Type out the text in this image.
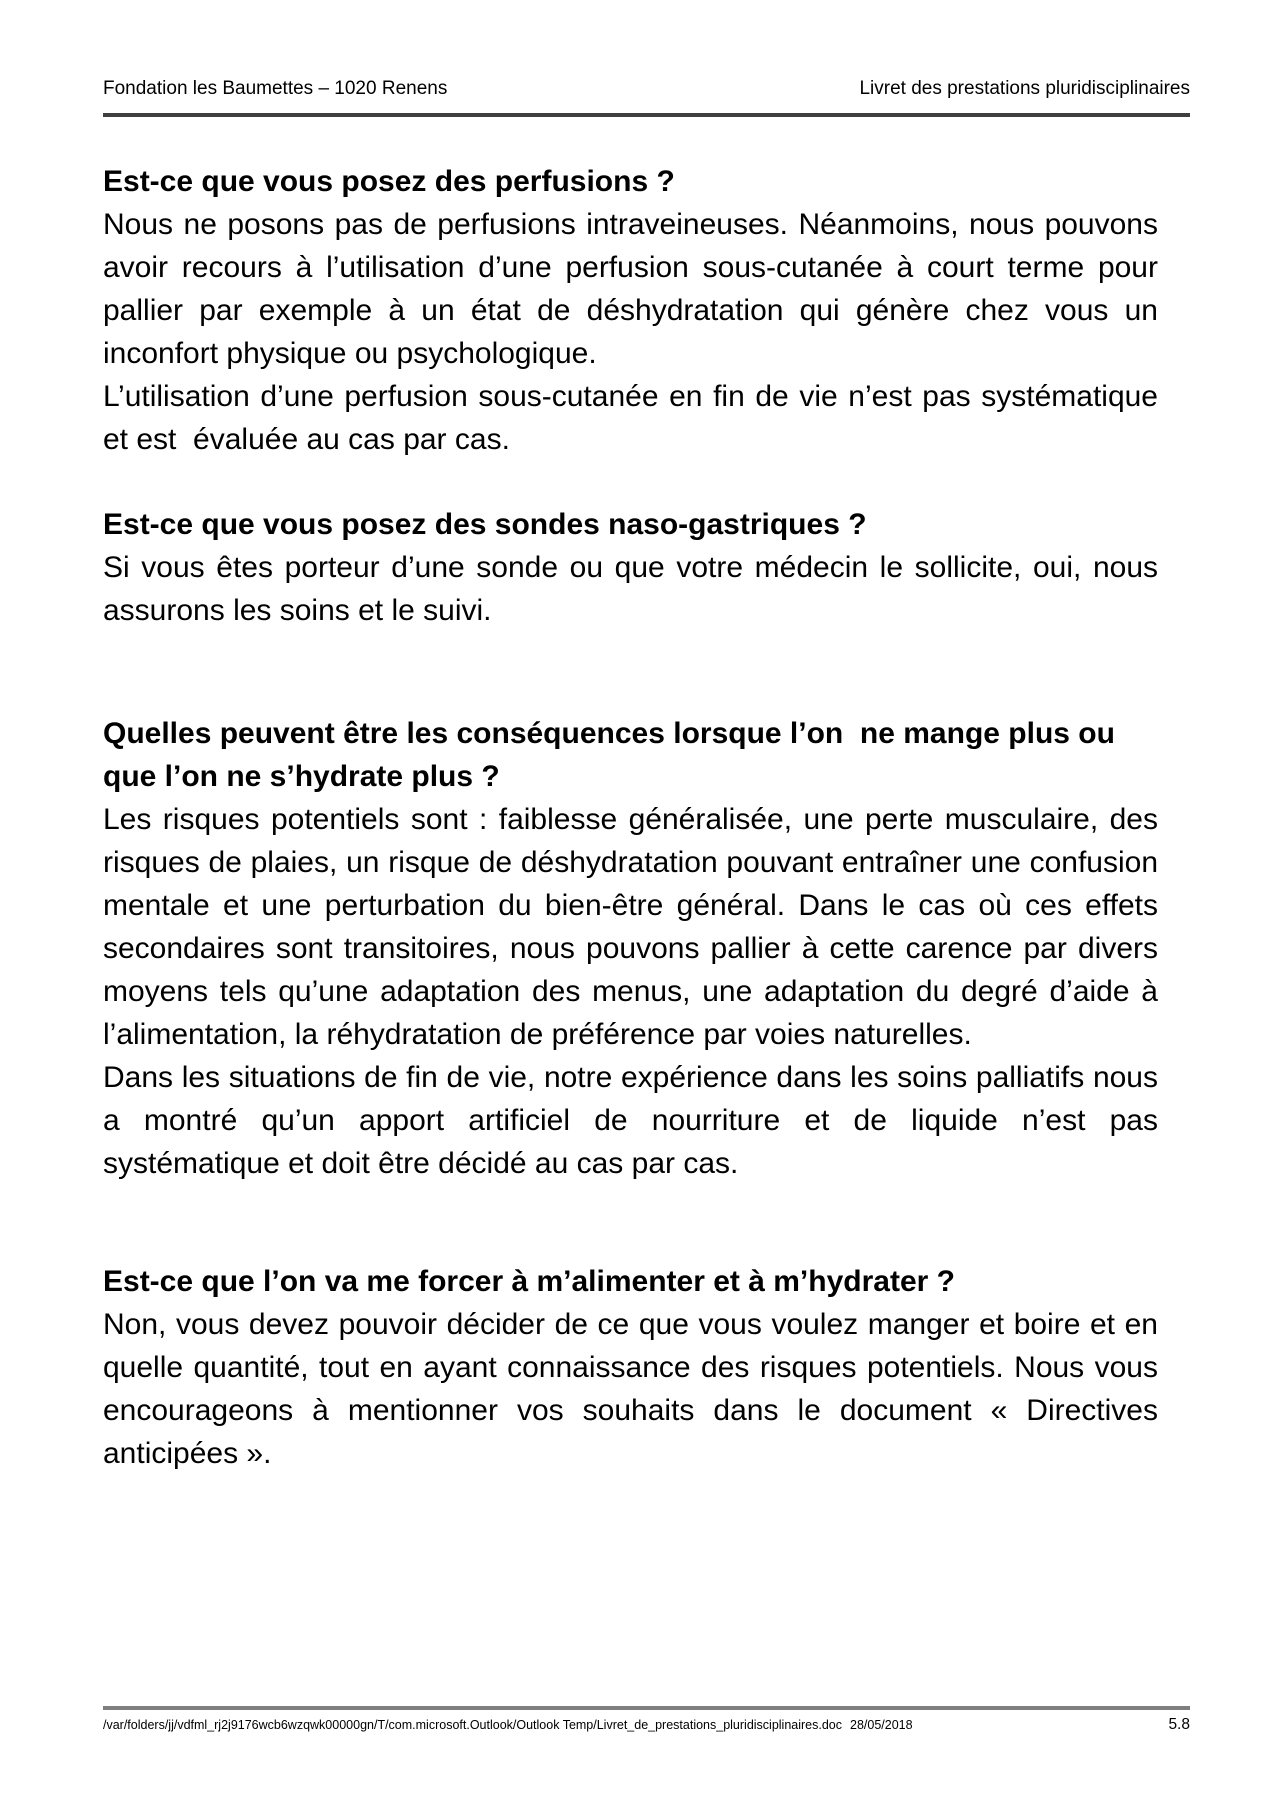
Fondation les Baumettes – 1020 Renens	Livret des prestations pluridisciplinaires
Est-ce que vous posez des perfusions ?

Nous ne posons pas de perfusions intraveineuses. Néanmoins, nous pouvons avoir recours à l’utilisation d’une perfusion sous-cutanée à court terme pour pallier par exemple à un état de déshydratation qui génère chez vous un inconfort physique ou psychologique.

L’utilisation d’une perfusion sous-cutanée en fin de vie n’est pas systématique et est  évaluée au cas par cas.

Est-ce que vous posez des sondes naso-gastriques ?

Si vous êtes porteur d’une sonde ou que votre médecin le sollicite, oui, nous assurons les soins et le suivi.

Quelles peuvent être les conséquences lorsque l’on  ne mange plus ou que l’on ne s’hydrate plus ?

Les risques potentiels sont : faiblesse généralisée, une perte musculaire, des risques de plaies, un risque de déshydratation pouvant entraîner une confusion mentale et une perturbation du bien-être général. Dans le cas où ces effets secondaires sont transitoires, nous pouvons pallier à cette carence par divers moyens tels qu’une adaptation des menus, une adaptation du degré d’aide à l’alimentation, la réhydratation de préférence par voies naturelles.

Dans les situations de fin de vie, notre expérience dans les soins palliatifs nous a montré qu’un apport artificiel de nourriture et de liquide n’est pas systématique et doit être décidé au cas par cas.

Est-ce que l’on va me forcer à m’alimenter et à m’hydrater ?

Non, vous devez pouvoir décider de ce que vous voulez manger et boire et en quelle quantité, tout en ayant connaissance des risques potentiels. Nous vous encourageons à mentionner vos souhaits dans le document « Directives anticipées ».

/var/folders/jj/vdfml_rj2j9176wcb6wzqwk00000gn/T/com.microsoft.Outlook/Outlook Temp/Livret_de_prestations_pluridisciplinaires.doc 28/05/2018	5.8
